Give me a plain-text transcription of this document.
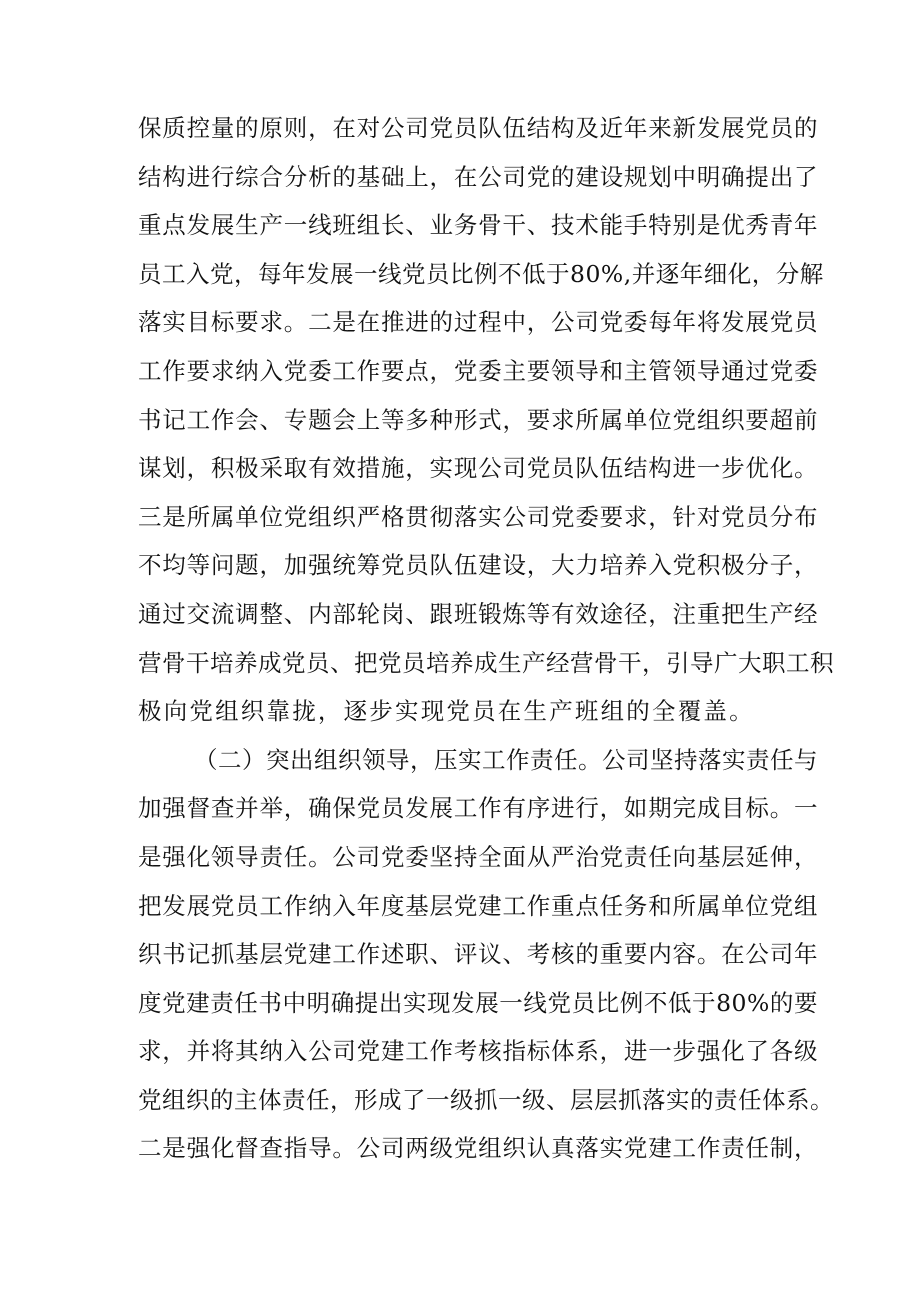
保质控量的原则，在对公司党员队伍结构及近年来新发展党员的
结构进行综合分析的基础上，在公司党的建设规划中明确提出了
重点发展生产一线班组长、业务骨干、技术能手特别是优秀青年
员工入党，每年发展一线党员比例不低于80%,并逐年细化，分解
落实目标要求。二是在推进的过程中，公司党委每年将发展党员
工作要求纳入党委工作要点，党委主要领导和主管领导通过党委
书记工作会、专题会上等多种形式，要求所属单位党组织要超前
谋划，积极采取有效措施，实现公司党员队伍结构进一步优化。
三是所属单位党组织严格贯彻落实公司党委要求，针对党员分布
不均等问题，加强统筹党员队伍建设，大力培养入党积极分子，
通过交流调整、内部轮岗、跟班锻炼等有效途径，注重把生产经
营骨干培养成党员、把党员培养成生产经营骨干，引导广大职工积
极向党组织靠拢，逐步实现党员在生产班组的全覆盖。
（二）突出组织领导，压实工作责任。公司坚持落实责任与
加强督查并举，确保党员发展工作有序进行，如期完成目标。一
是强化领导责任。公司党委坚持全面从严治党责任向基层延伸，
把发展党员工作纳入年度基层党建工作重点任务和所属单位党组
织书记抓基层党建工作述职、评议、考核的重要内容。在公司年
度党建责任书中明确提出实现发展一线党员比例不低于80%的要
求，并将其纳入公司党建工作考核指标体系，进一步强化了各级
党组织的主体责任，形成了一级抓一级、层层抓落实的责任体系。
二是强化督查指导。公司两级党组织认真落实党建工作责任制，
